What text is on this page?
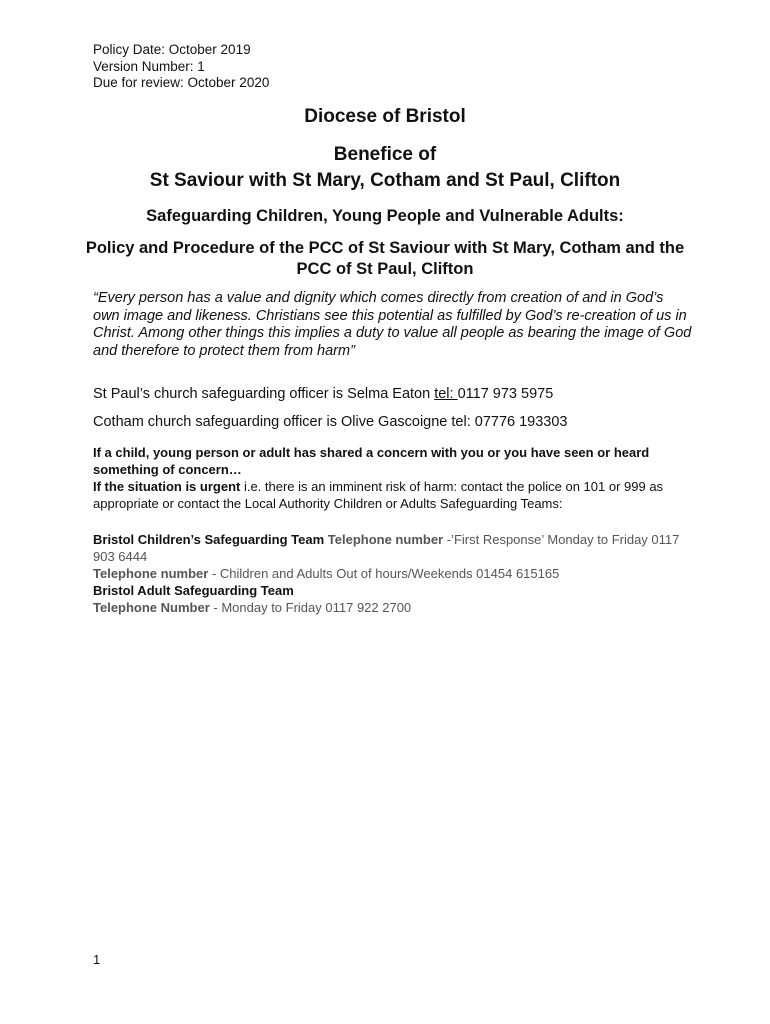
Policy Date: October 2019
Version Number: 1
Due for review: October 2020
Diocese of Bristol
Benefice of
St Saviour with St Mary, Cotham and St Paul, Clifton
Safeguarding Children, Young People and Vulnerable Adults:
Policy and Procedure of the PCC of St Saviour with St Mary, Cotham and the PCC of St Paul, Clifton
“Every person has a value and dignity which comes directly from creation of and in God’s own image and likeness. Christians see this potential as fulfilled by God’s re-creation of us in Christ. Among other things this implies a duty to value all people as bearing the image of God and therefore to protect them from harm”
St Paul’s church safeguarding officer is Selma Eaton tel: 0117 973 5975
Cotham church safeguarding officer is Olive Gascoigne tel: 07776 193303
If a child, young person or adult has shared a concern with you or you have seen or heard something of concern…
If the situation is urgent i.e. there is an imminent risk of harm: contact the police on 101 or 999 as appropriate or contact the Local Authority Children or Adults Safeguarding Teams:
Bristol Children’s Safeguarding Team Telephone number -’First Response’ Monday to Friday 0117 903 6444
Telephone number - Children and Adults Out of hours/Weekends 01454 615165
Bristol Adult Safeguarding Team
Telephone Number - Monday to Friday 0117 922 2700
1
